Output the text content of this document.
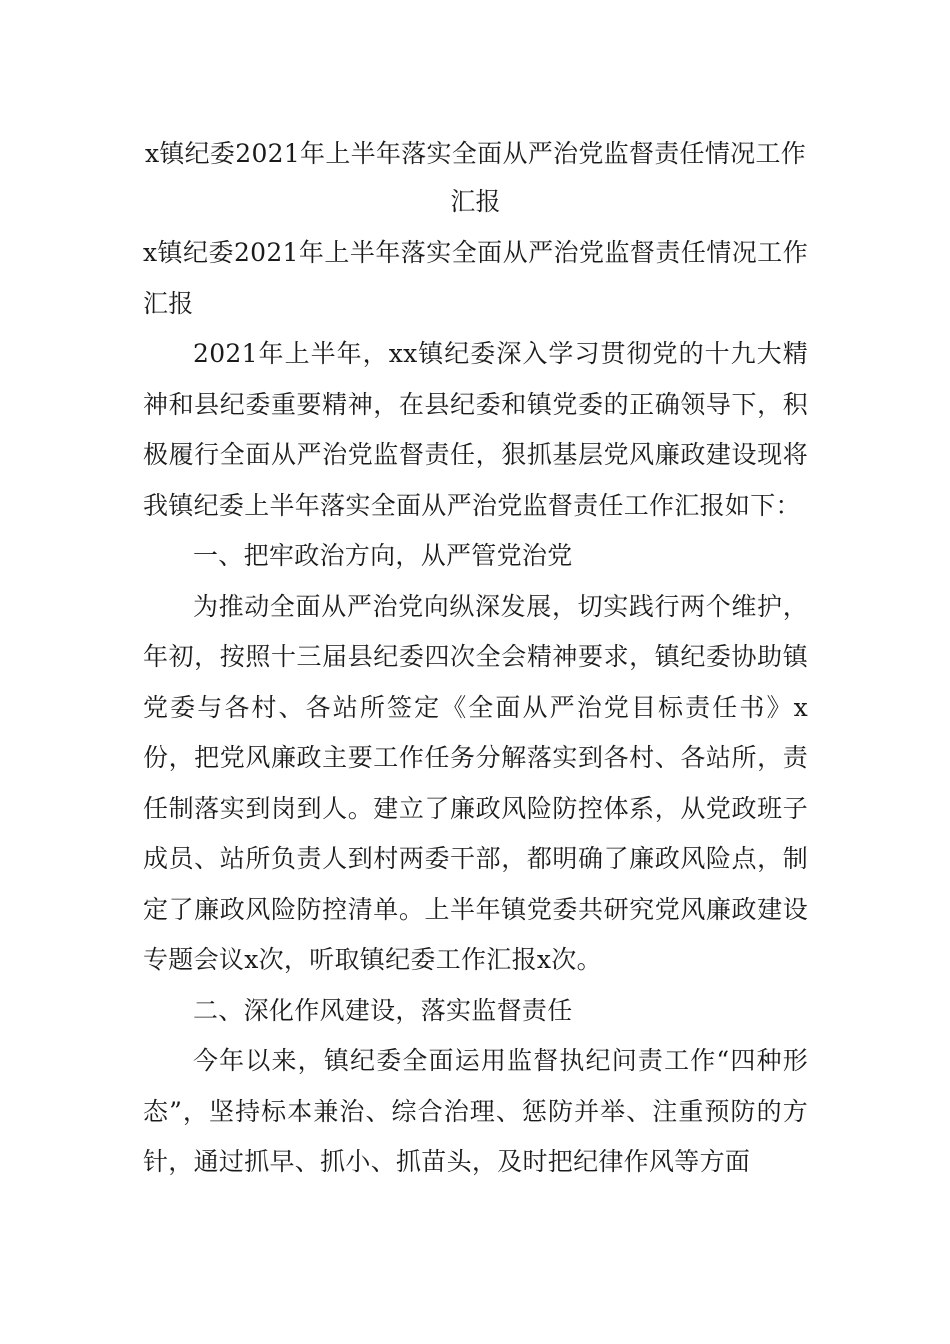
x镇纪委2021年上半年落实全面从严治党监督责任情况工作汇报

x镇纪委2021年上半年落实全面从严治党监督责任情况工作汇报

2021年上半年，xx镇纪委深入学习贯彻党的十九大精神和县纪委重要精神，在县纪委和镇党委的正确领导下，积极履行全面从严治党监督责任，狠抓基层党风廉政建设现将我镇纪委上半年落实全面从严治党监督责任工作汇报如下：

一、把牢政治方向，从严管党治党

为推动全面从严治党向纵深发展，切实践行两个维护，年初，按照十三届县纪委四次全会精神要求，镇纪委协助镇党委与各村、各站所签定《全面从严治党目标责任书》x份，把党风廉政主要工作任务分解落实到各村、各站所，责任制落实到岗到人。建立了廉政风险防控体系，从党政班子成员、站所负责人到村两委干部，都明确了廉政风险点，制定了廉政风险防控清单。上半年镇党委共研究党风廉政建设专题会议x次，听取镇纪委工作汇报x次。

二、深化作风建设，落实监督责任

今年以来，镇纪委全面运用监督执纪问责工作“四种形态”，坚持标本兼治、综合治理、惩防并举、注重预防的方针，通过抓早、抓小、抓苗头，及时把纪律作风等方面
